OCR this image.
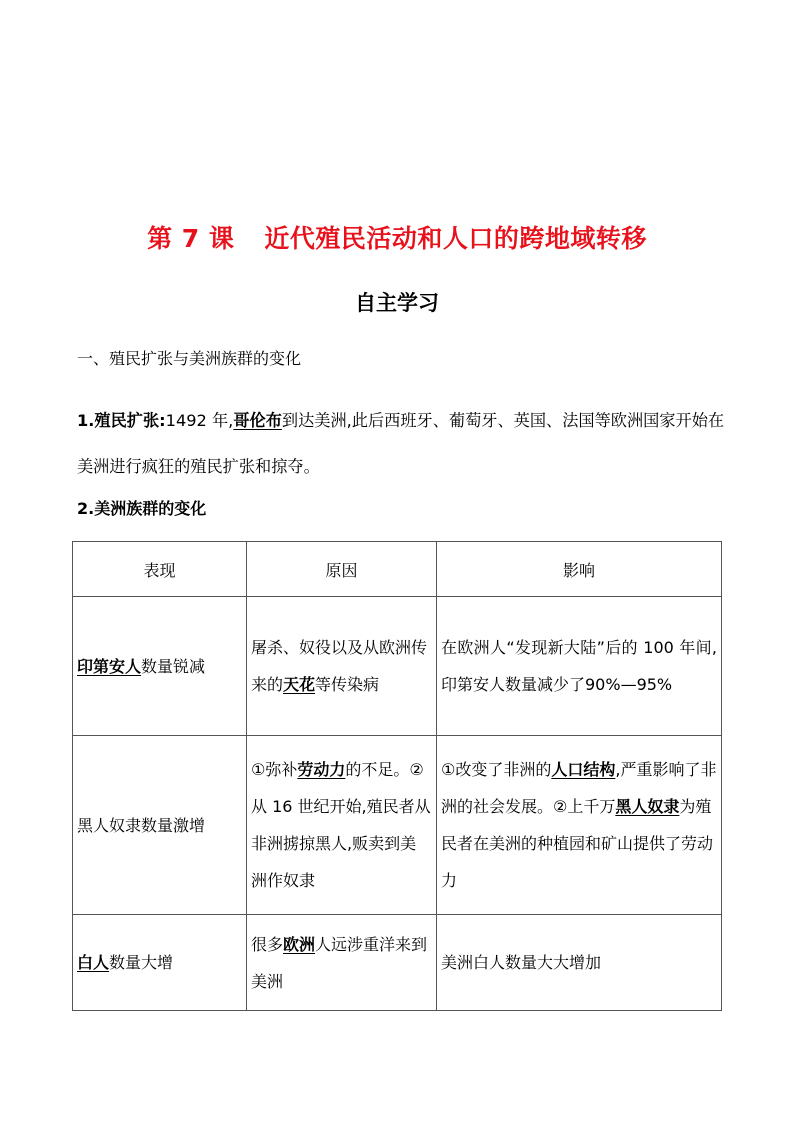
第 7 课 近代殖民活动和人口的跨地域转移
自主学习
一、殖民扩张与美洲族群的变化
1.殖民扩张:1492 年,哥伦布到达美洲,此后西班牙、葡萄牙、英国、法国等欧洲国家开始在美洲进行疯狂的殖民扩张和掠夺。
2.美洲族群的变化
表现	原因	影响
印第安人数量锐减	屠杀、奴役以及从欧洲传来的天花等传染病	在欧洲人“发现新大陆”后的 100 年间,印第安人数量减少了90%—95%
黑人奴隶数量激增	①弥补劳动力的不足。②从 16 世纪开始,殖民者从非洲掳掠黑人,贩卖到美洲作奴隶	①改变了非洲的人口结构,严重影响了非洲的社会发展。②上千万黑人奴隶为殖民者在美洲的种植园和矿山提供了劳动力
白人数量大增	很多欧洲人远涉重洋来到美洲	美洲白人数量大大增加
